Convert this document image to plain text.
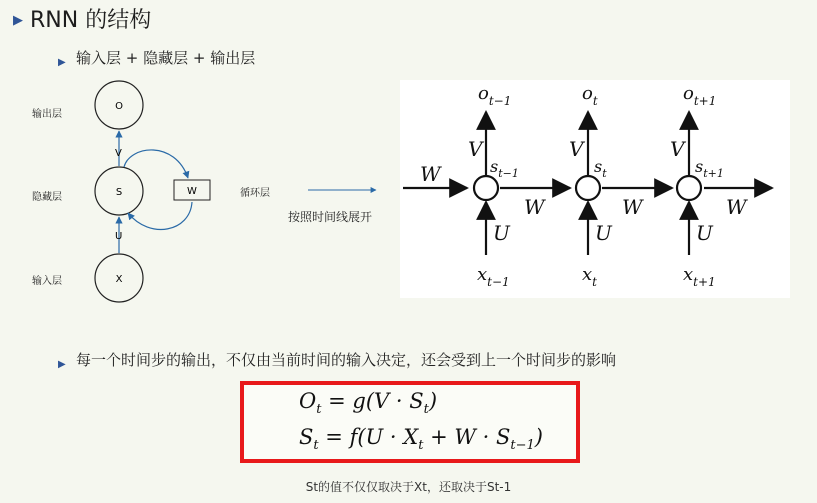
▶ RNN 的结构
▶ 输入层 + 隐藏层 + 输出层
输出层
隐藏层
输入层
循环层
O
S
X
W
V
U
按照时间线展开
W
W	W	W
V
U
$o_{t-1}$
$s_{t-1}$
$x_{t-1}$
V
U
$o_t$
$s_t$
$x_t$
V
U
$o_{t+1}$
$s_{t+1}$
$x_{t+1}$
▶ 每一个时间步的输出，不仅由当前时间的输入决定，还会受到上一个时间步的影响
$O_t = g(V \cdot S_t)$
$S_t = f(U \cdot X_t + W \cdot S_{t-1})$
St的值不仅仅取决于Xt，还取决于St-1
